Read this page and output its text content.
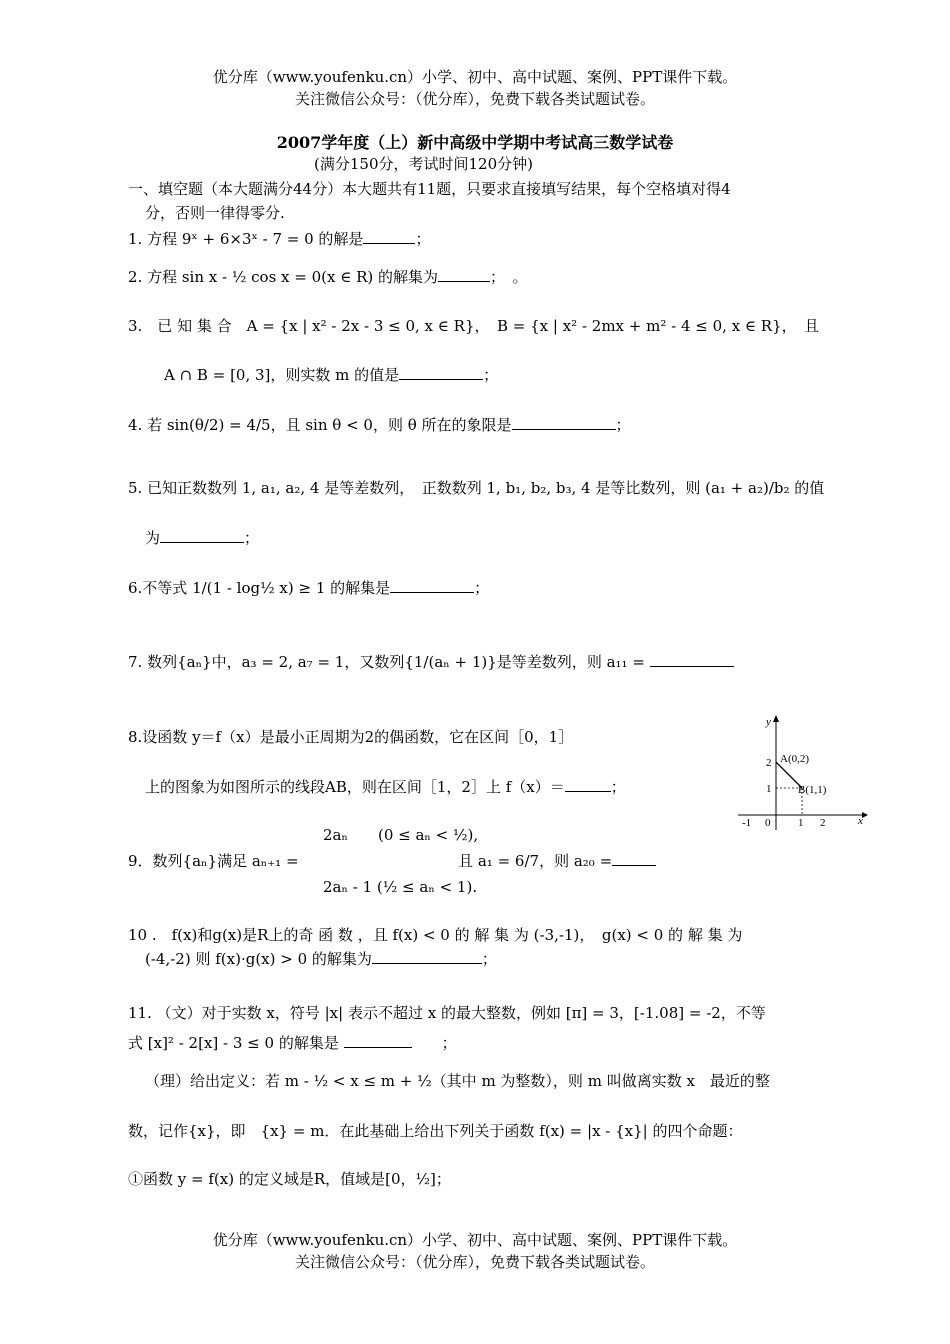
优分库（www.youfenku.cn）小学、初中、高中试题、案例、PPT课件下载。
关注微信公众号：（优分库），免费下载各类试题试卷。
2007学年度（上）新中高级中学期中考试高三数学试卷
(满分150分，考试时间120分钟)
一、填空题（本大题满分44分）本大题共有11题，只要求直接填写结果，每个空格填对得4
分，否则一律得零分.
1. 方程 9ˣ + 6×3ˣ - 7 = 0 的解是	；
2. 方程 sin x - ½ cos x = 0(x ∈ R) 的解集为	；　。
3.　已 知 集 合　A = {x | x² - 2x - 3 ≤ 0, x ∈ R}，　B = {x | x² - 2mx + m² - 4 ≤ 0, x ∈ R}，　且
A ∩ B = [0, 3]，则实数 m 的值是	；
4. 若 sin(θ/2) = 4/5，且 sin θ < 0，则 θ 所在的象限是	；
5. 已知正数数列 1, a₁, a₂, 4 是等差数列，　正数数列 1, b₁, b₂, b₃, 4 是等比数列，则 (a₁ + a₂)/b₂ 的值
为	；
6.不等式 1/(1 - log½ x) ≥ 1 的解集是	；
7. 数列{aₙ}中，a₃ = 2, a₇ = 1，又数列{1/(aₙ + 1)}是等差数列，则 a₁₁ =
8.设函数 y＝f（x）是最小正周期为2的偶函数，它在区间［0，1］
上的图象为如图所示的线段AB，则在区间［1，2］上 f（x）＝	；
y
x
A(0,2)
B(1,1)
2
1
-1 0	1 2
　　　　　　　　　　　　　2aₙ　　(0 ≤ aₙ < ½),
9．数列{aₙ}满足 aₙ₊₁ =	且 a₁ = 6/7，则 a₂₀ =
　　　　　　　　　　　　　2aₙ - 1 (½ ≤ aₙ < 1).
10 .　f(x)和g(x)是R上的奇 函 数 ，且 f(x) < 0 的 解 集 为 (-3,-1)，　g(x) < 0 的 解 集 为
(-4,-2) 则 f(x)·g(x) > 0 的解集为	；
11. （文）对于实数 x，符号 |x| 表示不超过 x 的最大整数，例如 [π] = 3，[-1.08] = -2，不等
式 [x]² - 2[x] - 3 ≤ 0 的解集是	　　；
（理）给出定义：若 m - ½ < x ≤ m + ½（其中 m 为整数），则 m 叫做离实数 x　最近的整
数，记作{x}，即　{x} = m．在此基础上给出下列关于函数 f(x) = |x - {x}| 的四个命题：
①函数 y = f(x) 的定义域是R，值域是[0，½]；
优分库（www.youfenku.cn）小学、初中、高中试题、案例、PPT课件下载。
关注微信公众号：（优分库），免费下载各类试题试卷。
